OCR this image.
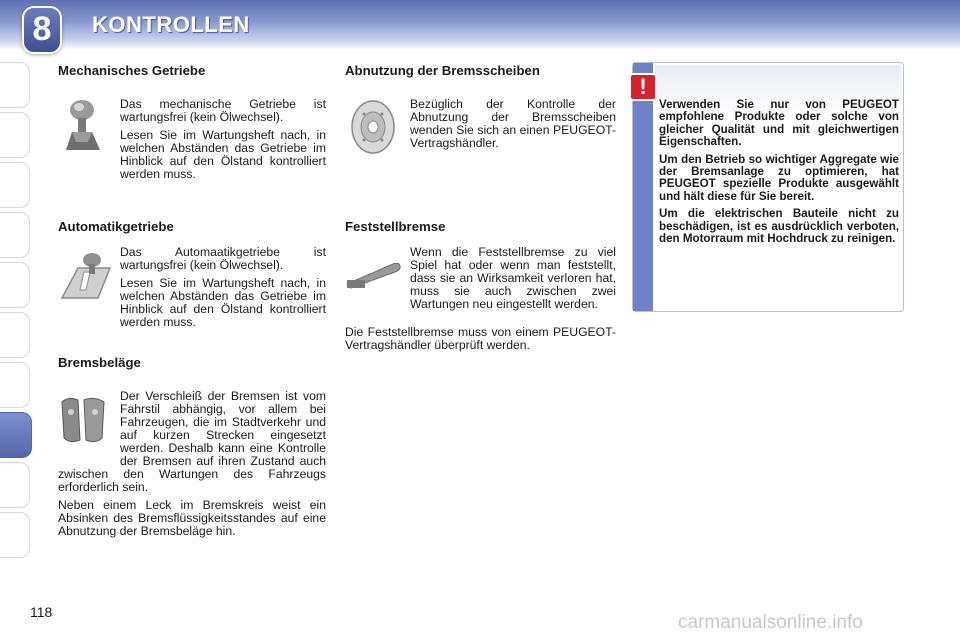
8	KONTROLLEN
Mechanisches Getriebe

Das mechanische Getriebe ist wartungsfrei (kein Ölwechsel).

Lesen Sie im Wartungsheft nach, in welchen Abständen das Getriebe im Hinblick auf den Ölstand kontrolliert werden muss.

Automatikgetriebe

Das Automaatikgetriebe ist wartungsfrei (kein Ölwechsel).

Lesen Sie im Wartungsheft nach, in welchen Abständen das Getriebe im Hinblick auf den Ölstand kontrolliert werden muss.

Bremsbeläge

Der Verschleiß der Bremsen ist vom Fahrstil abhängig, vor allem bei Fahrzeugen, die im Stadtverkehr und auf kurzen Strecken eingesetzt werden. Deshalb kann eine Kontrolle der Bremsen auf ihren Zustand auch zwischen den Wartungen des Fahrzeugs erforderlich sein.

Neben einem Leck im Bremskreis weist ein Absinken des Bremsflüssigkeitsstandes auf eine Abnutzung der Bremsbeläge hin.

Abnutzung der Bremsscheiben

Bezüglich der Kontrolle der Abnutzung der Bremsscheiben wenden Sie sich an einen PEUGEOT-Vertragshändler.

Feststellbremse

Wenn die Feststellbremse zu viel Spiel hat oder wenn man feststellt, dass sie an Wirksamkeit verloren hat, muss sie auch zwischen zwei Wartungen neu eingestellt werden.

Die Feststellbremse muss von einem PEUGEOT-Vertragshändler überprüft werden.

!

Verwenden Sie nur von PEUGEOT empfohlene Produkte oder solche von gleicher Qualität und mit gleichwertigen Eigenschaften.

Um den Betrieb so wichtiger Aggregate wie der Bremsanlage zu optimieren, hat PEUGEOT spezielle Produkte ausgewählt und hält diese für Sie bereit.

Um die elektrischen Bauteile nicht zu beschädigen, ist es ausdrücklich verboten, den Motorraum mit Hochdruck zu reinigen.

118	carmanualsonline.info
